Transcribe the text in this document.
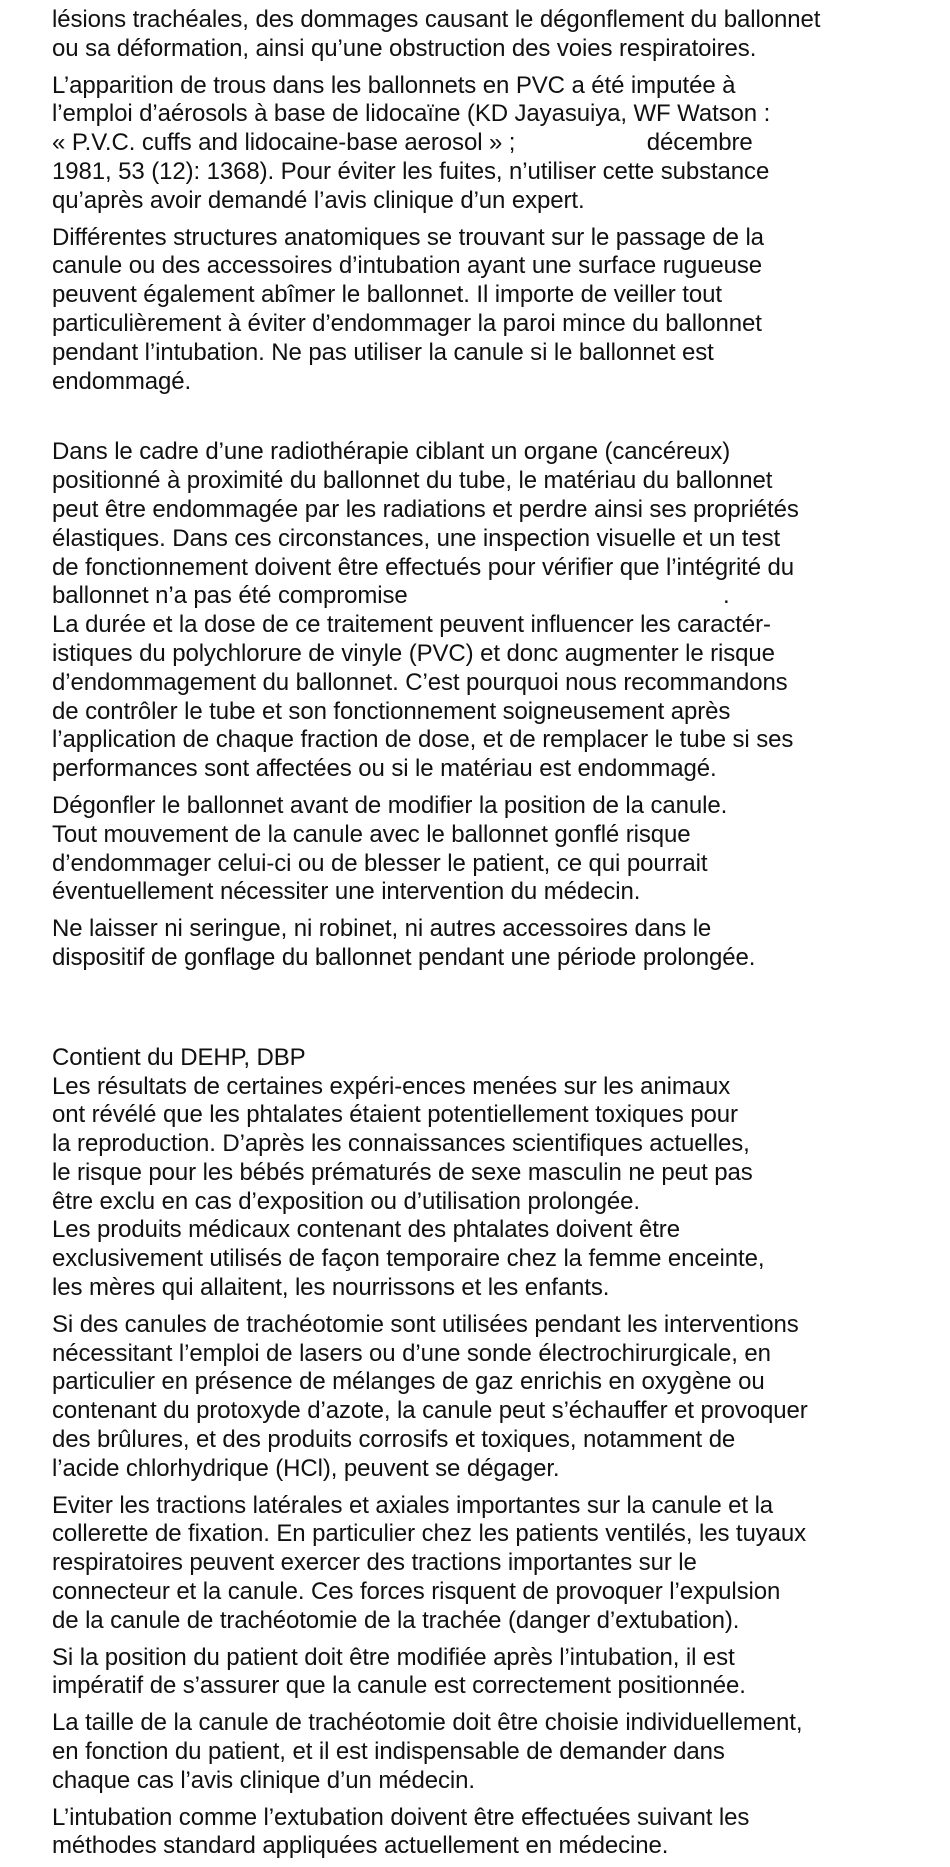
lésions trachéales, des dommages causant le dégonflement du ballonnet
ou sa déformation, ainsi qu’une obstruction des voies respiratoires.
L’apparition de trous dans les ballonnets en PVC a été imputée à
l’emploi d’aérosols à base de lidocaïne (KD Jayasuiya, WF Watson :
« P.V.C. cuffs and lidocaine-base aerosol » ;                    décembre
1981, 53 (12): 1368). Pour éviter les fuites, n’utiliser cette substance
qu’après avoir demandé l’avis clinique d’un expert.
Différentes structures anatomiques se trouvant sur le passage de la
canule ou des accessoires d’intubation ayant une surface rugueuse
peuvent également abîmer le ballonnet. Il importe de veiller tout
particulièrement à éviter d’endommager la paroi mince du ballonnet
pendant l’intubation. Ne pas utiliser la canule si le ballonnet est
endommagé.
Dans le cadre d’une radiothérapie ciblant un organe (cancéreux)
positionné à proximité du ballonnet du tube, le matériau du ballonnet
peut être endommagée par les radiations et perdre ainsi ses propriétés
élastiques. Dans ces circonstances, une inspection visuelle et un test
de fonctionnement doivent être effectués pour vérifier que l’intégrité du
ballonnet n’a pas été compromise                                                .
La durée et la dose de ce traitement peuvent influencer les caractér-
istiques du polychlorure de vinyle (PVC) et donc augmenter le risque
d’endommagement du ballonnet. C’est pourquoi nous recommandons
de contrôler le tube et son fonctionnement soigneusement après
l’application de chaque fraction de dose, et de remplacer le tube si ses
performances sont affectées ou si le matériau est endommagé.
Dégonfler le ballonnet avant de modifier la position de la canule.
Tout mouvement de la canule avec le ballonnet gonflé risque
d’endommager celui-ci ou de blesser le patient, ce qui pourrait
éventuellement nécessiter une intervention du médecin.
Ne laisser ni seringue, ni robinet, ni autres accessoires dans le
dispositif de gonflage du ballonnet pendant une période prolongée.
Contient du DEHP, DBP
Les résultats de certaines expéri-ences menées sur les animaux
ont révélé que les phtalates étaient potentiellement toxiques pour
la reproduction. D’après les connaissances scientifiques actuelles,
le risque pour les bébés prématurés de sexe masculin ne peut pas
être exclu en cas d’exposition ou d’utilisation prolongée.
Les produits médicaux contenant des phtalates doivent être
exclusivement utilisés de façon temporaire chez la femme enceinte,
les mères qui allaitent, les nourrissons et les enfants.
Si des canules de trachéotomie sont utilisées pendant les interventions
nécessitant l’emploi de lasers ou d’une sonde électrochirurgicale, en
particulier en présence de mélanges de gaz enrichis en oxygène ou
contenant du protoxyde d’azote, la canule peut s’échauffer et provoquer
des brûlures, et des produits corrosifs et toxiques, notamment de
l’acide chlorhydrique (HCl), peuvent se dégager.
Eviter les tractions latérales et axiales importantes sur la canule et la
collerette de fixation. En particulier chez les patients ventilés, les tuyaux
respiratoires peuvent exercer des tractions importantes sur le
connecteur et la canule. Ces forces risquent de provoquer l’expulsion
de la canule de trachéotomie de la trachée (danger d’extubation).
Si la position du patient doit être modifiée après l’intubation, il est
impératif de s’assurer que la canule est correctement positionnée.
La taille de la canule de trachéotomie doit être choisie individuellement,
en fonction du patient, et il est indispensable de demander dans
chaque cas l’avis clinique d’un médecin.
L’intubation comme l’extubation doivent être effectuées suivant les
méthodes standard appliquées actuellement en médecine.
